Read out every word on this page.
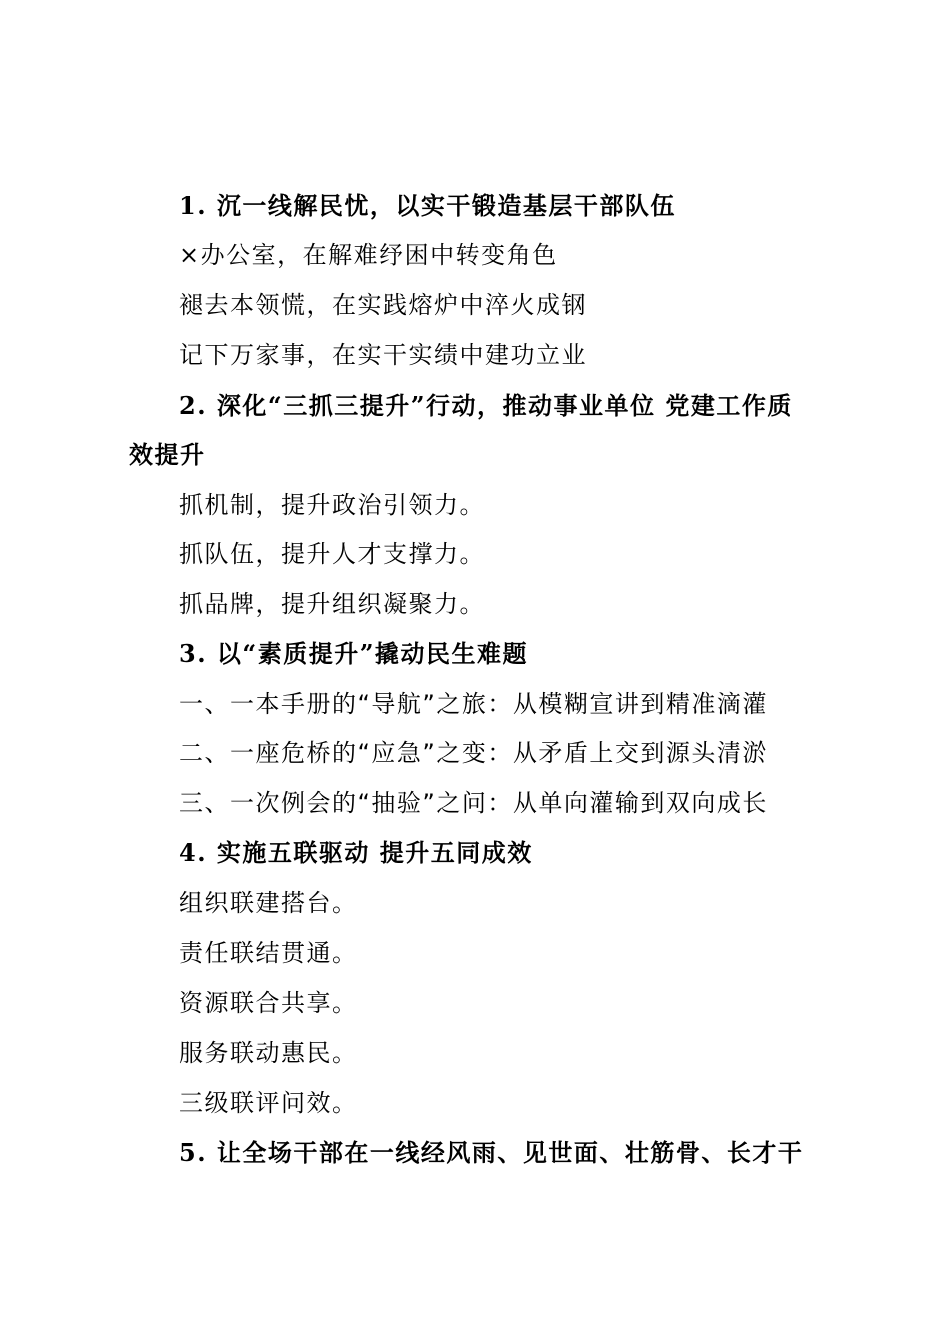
1. 沉一线解民忧，以实干锻造基层干部队伍
×办公室，在解难纾困中转变角色
褪去本领慌，在实践熔炉中淬火成钢
记下万家事，在实干实绩中建功立业
2. 深化“三抓三提升”行动，推动事业单位 党建工作质
效提升
抓机制，提升政治引领力。
抓队伍，提升人才支撑力。
抓品牌，提升组织凝聚力。
3. 以“素质提升”撬动民生难题
一、一本手册的“导航”之旅：从模糊宣讲到精准滴灌
二、一座危桥的“应急”之变：从矛盾上交到源头清淤
三、一次例会的“抽验”之问：从单向灌输到双向成长
4. 实施五联驱动 提升五同成效
组织联建搭台。
责任联结贯通。
资源联合共享。
服务联动惠民。
三级联评问效。
5. 让全场干部在一线经风雨、见世面、壮筋骨、长才干
